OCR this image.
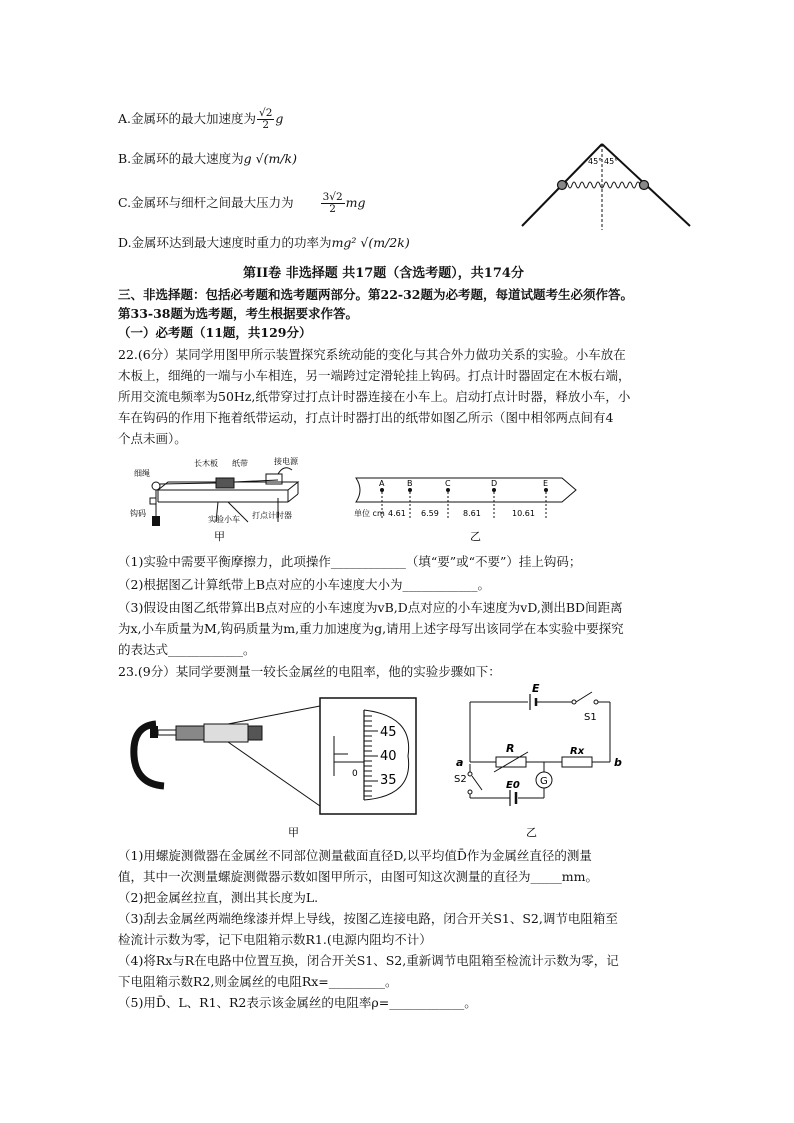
A.金属环的最大加速度为 $\frac{√2}{2}$ g
B.金属环的最大速度为g √(m/k)
C.金属环与细杆之间最大压力为	$\frac{3√2}{2}$ mg
D.金属环达到最大速度时重力的功率为mg² √(m/2k)
45° 45°
第II卷 非选择题 共17题（含选考题），共174分
三、非选择题：包括必考题和选考题两部分。第22-32题为必考题，每道试题考生必须作答。
第33-38题为选考题，考生根据要求作答。
（一）必考题（11题，共129分）
22.(6分）某同学用图甲所示装置探究系统动能的变化与其合外力做功关系的实验。小车放在
木板上，细绳的一端与小车相连，另一端跨过定滑轮挂上钩码。打点计时器固定在木板右端，
所用交流电频率为50Hz,纸带穿过打点计时器连接在小车上。启动打点计时器，释放小车，小
车在钩码的作用下拖着纸带运动，打点计时器打出的纸带如图乙所示（图中相邻两点间有4
个点未画）。
细绳
长木板 纸带	接电源
钩码
实验小车 打点计时器
甲
A	B	C	D	E
4.61 6.59	8.61	10.61
单位 cm
乙
（1)实验中需要平衡摩擦力，此项操作____________（填“要”或“不要”）挂上钩码；
（2)根据图乙计算纸带上B点对应的小车速度大小为____________。
（3)假设由图乙纸带算出B点对应的小车速度为vB,D点对应的小车速度为vD,测出BD间距离
为x,小车质量为M,钩码质量为m,重力加速度为g,请用上述字母写出该同学在本实验中要探究
的表达式____________。
23.(9分）某同学要测量一较长金属丝的电阻率，他的实验步骤如下：
45
40
35
0
甲
E
S1
R	Rx
a	b
S2
E0 G
乙
（1)用螺旋测微器在金属丝不同部位测量截面直径D,以平均值D̄作为金属丝直径的测量
值，其中一次测量螺旋测微器示数如图甲所示，由图可知这次测量的直径为_____mm。
（2)把金属丝拉直，测出其长度为L.
（3)刮去金属丝两端绝缘漆并焊上导线，按图乙连接电路，闭合开关S1、S2,调节电阻箱至
检流计示数为零，记下电阻箱示数R1.(电源内阻均不计）
（4)将Rx与R在电路中位置互换，闭合开关S1、S2,重新调节电阻箱至检流计示数为零，记
下电阻箱示数R2,则金属丝的电阻Rx=_________。
（5)用D̄、L、R1、R2表示该金属丝的电阻率ρ=____________。
